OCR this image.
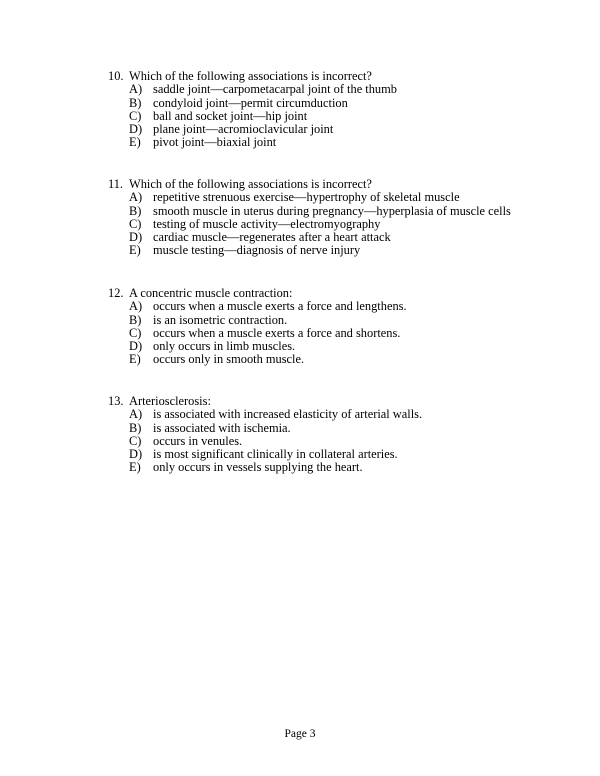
10. Which of the following associations is incorrect?
A) saddle joint—carpometacarpal joint of the thumb
B) condyloid joint—permit circumduction
C) ball and socket joint—hip joint
D) plane joint—acromioclavicular joint
E) pivot joint—biaxial joint
11. Which of the following associations is incorrect?
A) repetitive strenuous exercise—hypertrophy of skeletal muscle
B) smooth muscle in uterus during pregnancy—hyperplasia of muscle cells
C) testing of muscle activity—electromyography
D) cardiac muscle—regenerates after a heart attack
E) muscle testing—diagnosis of nerve injury
12. A concentric muscle contraction:
A) occurs when a muscle exerts a force and lengthens.
B) is an isometric contraction.
C) occurs when a muscle exerts a force and shortens.
D) only occurs in limb muscles.
E) occurs only in smooth muscle.
13. Arteriosclerosis:
A) is associated with increased elasticity of arterial walls.
B) is associated with ischemia.
C) occurs in venules.
D) is most significant clinically in collateral arteries.
E) only occurs in vessels supplying the heart.
Page 3
